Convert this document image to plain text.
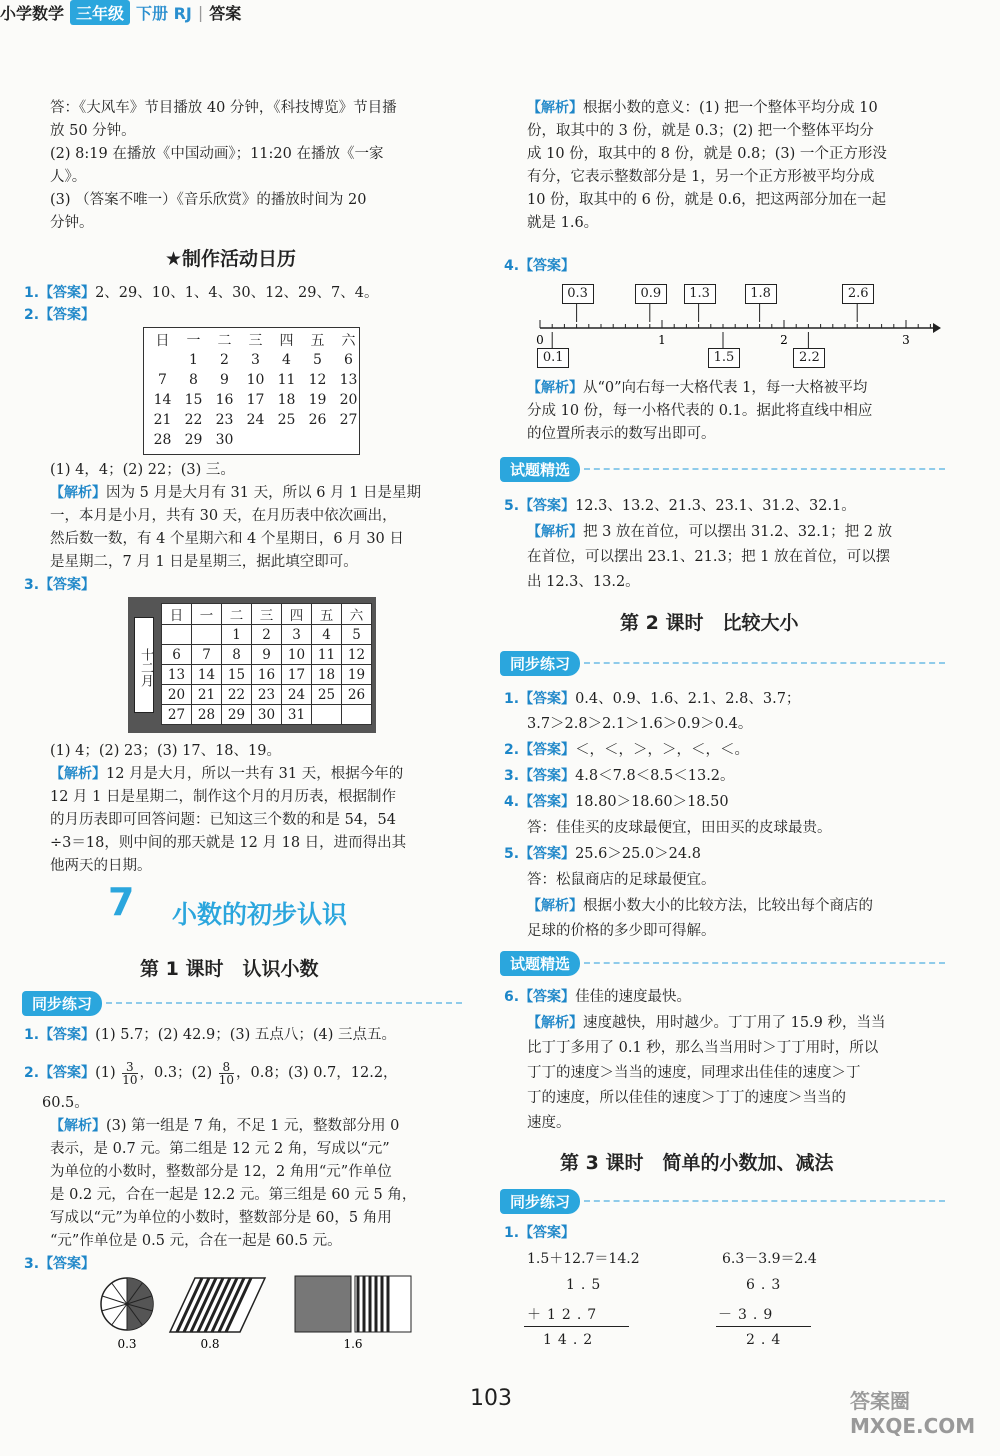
小学数学 三年级 下册 RJ | 答案
答：《大风车》节目播放 40 分钟，《科技博览》节目播
放 50 分钟。
(2) 8:19 在播放《中国动画》；11:20 在播放《一家
人》。
(3) （答案不唯一）《音乐欣赏》的播放时间为 20
分钟。
★制作活动日历
1.【答案】2、29、10、1、4、30、12、29、7、4。
2.【答案】
日	一	二	三	四	五	六
	1	2	3	4	5	6
7	8	9	10	11	12	13
14	15	16	17	18	19	20
21	22	23	24	25	26	27
28	29	30				
(1) 4，4；(2) 22；(3) 三。
【解析】因为 5 月是大月有 31 天，所以 6 月 1 日是星期
一，本月是小月，共有 30 天，在月历表中依次画出，
然后数一数，有 4 个星期六和 4 个星期日，6 月 30 日
是星期二，7 月 1 日是星期三，据此填空即可。
3.【答案】
十二月
日	一	二	三	四	五	六
		1	2	3	4	5
6	7	8	9	10	11	12
13	14	15	16	17	18	19
20	21	22	23	24	25	26
27	28	29	30	31		
(1) 4；(2) 23；(3) 17、18、19。
【解析】12 月是大月，所以一共有 31 天，根据今年的
12 月 1 日是星期二，制作这个月的月历表，根据制作
的月历表即可回答问题：已知这三个数的和是 54，54
÷3＝18，则中间的那天就是 12 月 18 日，进而得出其
他两天的日期。
7 小数的初步认识
第 1 课时　认识小数
同步练习
1.【答案】(1) 5.7；(2) 42.9；(3) 五点八；(4) 三点五。
2.【答案】$(1) \frac{3}{10}$ ，0.3；$(2) \frac{8}{10}$ ，0.8；(3) 0.7，12.2，
60.5。
【解析】(3) 第一组是 7 角，不足 1 元，整数部分用 0
表示，是 0.7 元。第二组是 12 元 2 角，写成以“元”
为单位的小数时，整数部分是 12，2 角用“元”作单位
是 0.2 元，合在一起是 12.2 元。第三组是 60 元 5 角，
写成以“元”为单位的小数时，整数部分是 60，5 角用
“元”作单位是 0.5 元，合在一起是 60.5 元。
3.【答案】
0.3	0.8	1.6
【解析】根据小数的意义：(1) 把一个整体平均分成 10
份，取其中的 3 份，就是 0.3；(2) 把一个整体平均分
成 10 份，取其中的 8 份，就是 0.8；(3) 一个正方形没
有分，它表示整数部分是 1，另一个正方形被平均分成
10 份，取其中的 6 份，就是 0.6，把这两部分加在一起
就是 1.6。
4.【答案】
0	1	2	3
0.3	0.9	1.3	1.8	2.6
0.1	1.5	2.2
【解析】从“0”向右每一大格代表 1，每一大格被平均
分成 10 份，每一小格代表的 0.1。据此将直线中相应
的位置所表示的数写出即可。
试题精选
5.【答案】12.3、13.2、21.3、23.1、31.2、32.1。
【解析】把 3 放在首位，可以摆出 31.2、32.1；把 2 放
在首位，可以摆出 23.1、21.3；把 1 放在首位，可以摆
出 12.3、13.2。
第 2 课时　比较大小
同步练习
1.【答案】0.4、0.9、1.6、2.1、2.8、3.7；
3.7＞2.8＞2.1＞1.6＞0.9＞0.4。
2.【答案】＜，＜，＞，＞，＜，＜。
3.【答案】4.8＜7.8＜8.5＜13.2。
4.【答案】18.80＞18.60＞18.50
答：佳佳买的皮球最便宜，田田买的皮球最贵。
5.【答案】25.6＞25.0＞24.8
答：松鼠商店的足球最便宜。
【解析】根据小数大小的比较方法，比较出每个商店的
足球的价格的多少即可得解。
试题精选
6.【答案】佳佳的速度最快。
【解析】速度越快，用时越少。丁丁用了 15.9 秒，当当
比丁丁多用了 0.1 秒，那么当当用时＞丁丁用时，所以
丁丁的速度＞当当的速度，同理求出佳佳的速度＞丁
丁的速度，所以佳佳的速度＞丁丁的速度＞当当的
速度。
第 3 课时　简单的小数加、减法
同步练习
1.【答案】
1.5＋12.7＝14.2	6.3－3.9＝2.4
1.5
＋12.7
14.2
6.3
－3.9
2.4
103	答案圈 MXQE.COM
